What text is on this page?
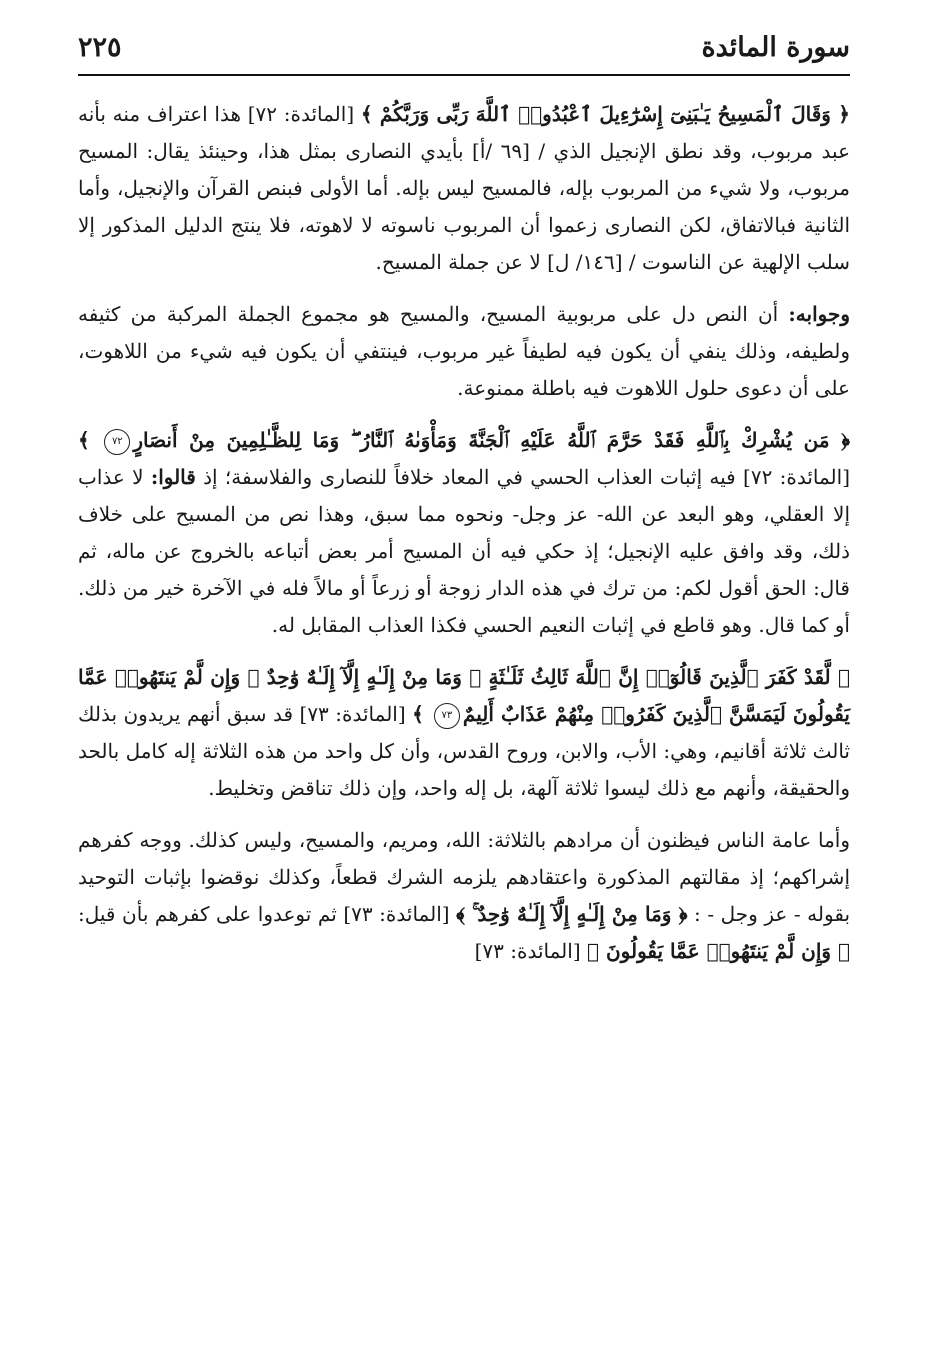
سورة المائدة
٢٢٥

﴿ وَقَالَ ٱلْمَسِيحُ يَـٰبَنِىٓ إِسْرَٰٓءِيلَ ٱعْبُدُوا۟ ٱللَّهَ رَبِّى وَرَبَّكُمْ ﴾ [المائدة: ٧٢] هذا اعتراف منه بأنه عبد مربوب، وقد نطق الإنجيل الذي / [٦٩ /أ] بأيدي النصارى بمثل هذا، وحينئذ يقال: المسيح مربوب، ولا شيء من المربوب بإله، فالمسيح ليس بإله. أما الأولى فبنص القرآن والإنجيل، وأما الثانية فبالاتفاق، لكن النصارى زعموا أن المربوب ناسوته لا لاهوته، فلا ينتج الدليل المذكور إلا سلب الإلهية عن الناسوت / [١٤٦/ ل] لا عن جملة المسيح.

وجوابه: أن النص دل على مربوبية المسيح، والمسيح هو مجموع الجملة المركبة من كثيفه ولطيفه، وذلك ينفي أن يكون فيه لطيفاً غير مربوب، فينتفي أن يكون فيه شيء من اللاهوت، على أن دعوى حلول اللاهوت فيه باطلة ممنوعة.

﴿ مَن يُشْرِكْ بِٱللَّهِ فَقَدْ حَرَّمَ ٱللَّهُ عَلَيْهِ ٱلْجَنَّةَ وَمَأْوَىٰهُ ٱلنَّارُ ۖ وَمَا لِلظَّـٰلِمِينَ مِنْ أَنصَارٍ٧٢ ﴾ [المائدة: ٧٢] فيه إثبات العذاب الحسي في المعاد خلافاً للنصارى والفلاسفة؛ إذ قالوا: لا عذاب إلا العقلي، وهو البعد عن الله- عز وجل- ونحوه مما سبق، وهذا نص من المسيح على خلاف ذلك، وقد وافق عليه الإنجيل؛ إذ حكي فيه أن المسيح أمر بعض أتباعه بالخروج عن ماله، ثم قال: الحق أقول لكم: من ترك في هذه الدار زوجة أو زرعاً أو مالاً فله في الآخرة خير من ذلك. أو كما قال. وهو قاطع في إثبات النعيم الحسي فكذا العذاب المقابل له.

﴿ لَّقَدْ كَفَرَ ٱلَّذِينَ قَالُوٓا۟ إِنَّ ٱللَّهَ ثَالِثُ ثَلَـٰثَةٍ ۘ وَمَا مِنْ إِلَـٰهٍ إِلَّآ إِلَـٰهٌ وَٰحِدٌ ۚ وَإِن لَّمْ يَنتَهُوا۟ عَمَّا يَقُولُونَ لَيَمَسَّنَّ ٱلَّذِينَ كَفَرُوا۟ مِنْهُمْ عَذَابٌ أَلِيمٌ٧٣ ﴾ [المائدة: ٧٣] قد سبق أنهم يريدون بذلك ثالث ثلاثة أقانيم، وهي: الأب، والابن، وروح القدس، وأن كل واحد من هذه الثلاثة إله كامل بالحد والحقيقة، وأنهم مع ذلك ليسوا ثلاثة آلهة، بل إله واحد، وإن ذلك تناقض وتخليط.

وأما عامة الناس فيظنون أن مرادهم بالثلاثة: الله، ومريم، والمسيح، وليس كذلك. ووجه كفرهم إشراكهم؛ إذ مقالتهم المذكورة واعتقادهم يلزمه الشرك قطعاً، وكذلك نوقضوا بإثبات التوحيد بقوله - عز وجل - : ﴿ وَمَا مِنْ إِلَـٰهٍ إِلَّآ إِلَـٰهٌ وَٰحِدٌ ۚ ﴾ [المائدة: ٧٣] ثم توعدوا على كفرهم بأن قيل: ﴿ وَإِن لَّمْ يَنتَهُوا۟ عَمَّا يَقُولُونَ ﴾ [المائدة: ٧٣]
